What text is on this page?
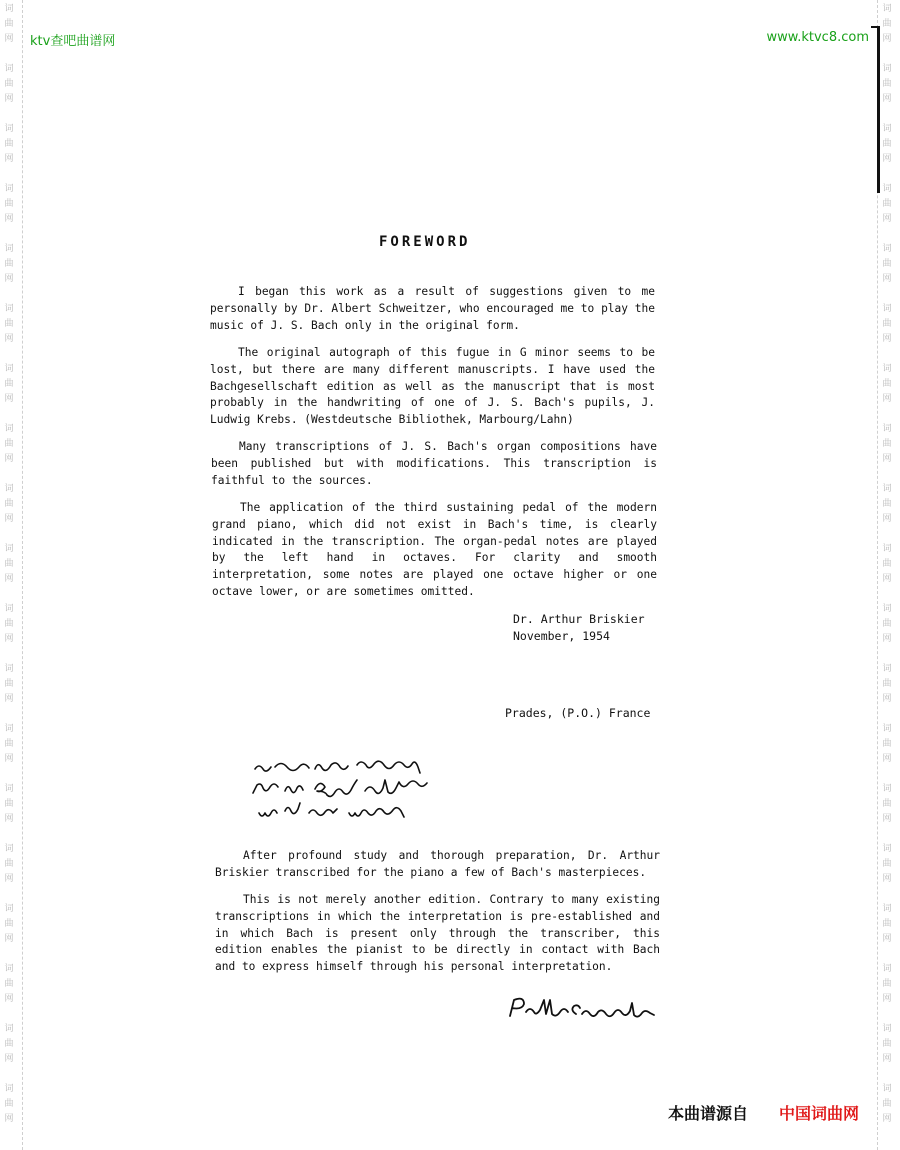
词
曲
网
词
曲
网
词
曲
网
词
曲
网
词
曲
网
词
曲
网
词
曲
网
词
曲
网
词
曲
网
词
曲
网
词
曲
网
词
曲
网
词
曲
网
词
曲
网
词
曲
网
词
曲
网
词
曲
网
词
曲
网
词
曲
网
词
曲
网
词
曲
网
词
曲
网
词
曲
网
词
曲
网
词
曲
网
词
曲
网
词
曲
网
词
曲
网
词
曲
网
词
曲
网
词
曲
网
词
曲
网
词
曲
网
词
曲
网
词
曲
网
词
曲
网
词
曲
网
词
曲
网
ktv查吧曲谱网	www.ktvc8.com
FOREWORD

I began this work as a result of suggestions given to me personally by Dr. Albert Schweitzer, who encouraged me to play the music of J. S. Bach only in the original form.

The original autograph of this fugue in G minor seems to be lost, but there are many different manuscripts. I have used the Bachgesellschaft edition as well as the manuscript that is most probably in the handwriting of one of J. S. Bach's pupils, J. Ludwig Krebs. (Westdeutsche Bibliothek, Marbourg/Lahn)

Many transcriptions of J. S. Bach's organ compositions have been published but with modifications. This transcription is faithful to the sources.

The application of the third sustaining pedal of the modern grand piano, which did not exist in Bach's time, is clearly indicated in the transcription. The organ-pedal notes are played by the left hand in octaves. For clarity and smooth interpretation, some notes are played one octave higher or one octave lower, or are sometimes omitted.

Dr. Arthur Briskier
November, 1954
Prades, (P.O.) France

After profound study and thorough preparation, Dr. Arthur Briskier transcribed for the piano a few of Bach's masterpieces.

This is not merely another edition. Contrary to many existing transcriptions in which the interpretation is pre-established and in which Bach is present only through the transcriber, this edition enables the pianist to be directly in contact with Bach and to express himself through his personal interpretation.

本曲谱源自 中国词曲网
